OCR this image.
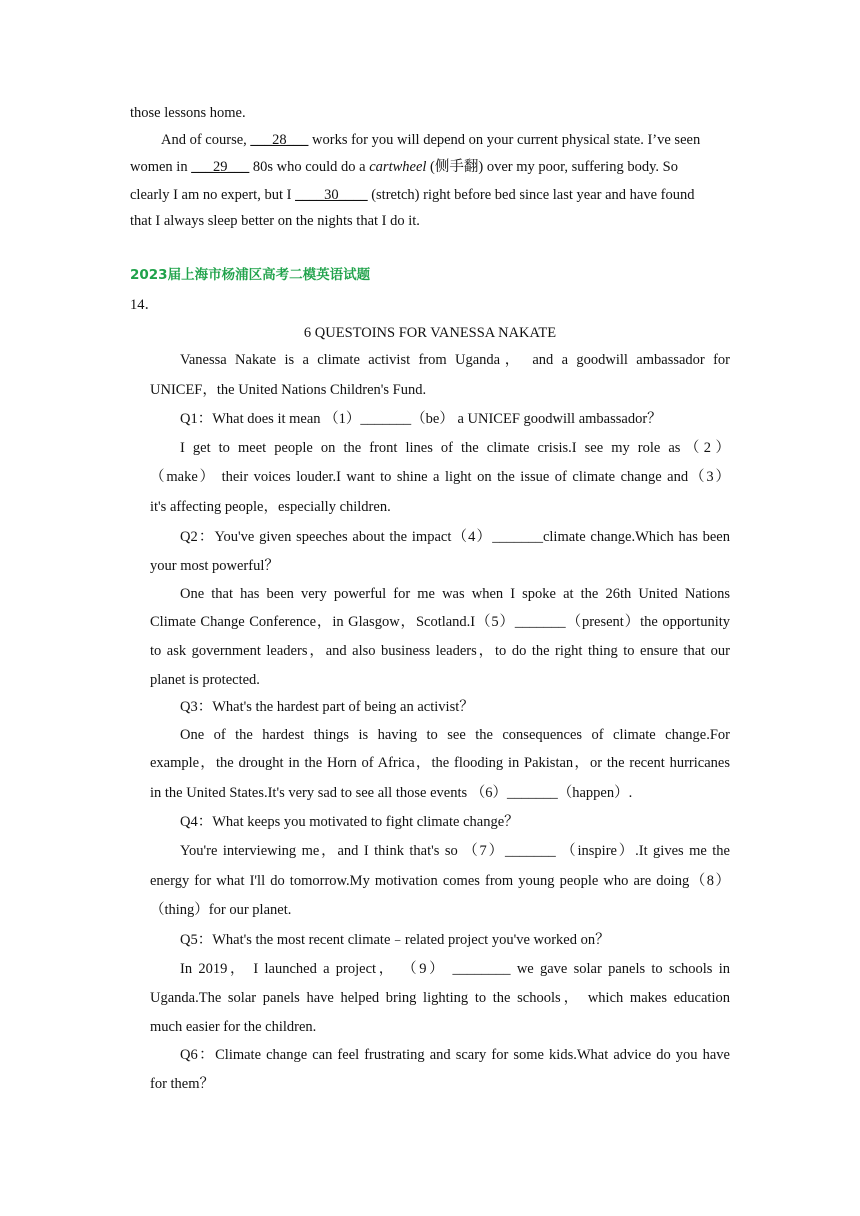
those lessons home.
And of course, ___28___ works for you will depend on your current physical state. I’ve seen
women in ___29___ 80s who could do a cartwheel (侧手翻) over my poor, suffering body. So
clearly I am no expert, but I ____30____ (stretch) right before bed since last year and have found
that I always sleep better on the nights that I do it.
2023届上海市杨浦区高考二模英语试题
14．
6 QUESTOINS FOR VANESSA NAKATE
Vanessa Nakate is a climate activist from Uganda， and a goodwill ambassador for
UNICEF，the United Nations Children's Fund.
Q1：What does it mean （1）_______（be） a UNICEF goodwill ambassador？
I get to meet people on the front lines of the climate crisis.I see my role as（2）
（make） their voices louder.I want to shine a light on the issue of climate change and（3）
it's affecting people，especially children.
Q2：You've given speeches about the impact（4）_______climate change.Which has been
your most powerful？
One that has been very powerful for me was when I spoke at the 26th United Nations
Climate Change Conference，in Glasgow，Scotland.I（5）_______（present）the opportunity
to ask government leaders，and also business leaders，to do the right thing to ensure that our
planet is protected.
Q3：What's the hardest part of being an activist？
One of the hardest things is having to see the consequences of climate change.For
example，the drought in the Horn of Africa，the flooding in Pakistan，or the recent hurricanes
in the United States.It's very sad to see all those events （6）_______（happen）.
Q4：What keeps you motivated to fight climate change？
You're interviewing me，and I think that's so （7）_______ （inspire）.It gives me the
energy for what I'll do tomorrow.My motivation comes from young people who are doing（8）
（thing）for our planet.
Q5：What's the most recent climate﹣related project you've worked on？
In 2019， I launched a project， （9） ________ we gave solar panels to schools in
Uganda.The solar panels have helped bring lighting to the schools， which makes education
much easier for the children.
Q6：Climate change can feel frustrating and scary for some kids.What advice do you have
for them？
